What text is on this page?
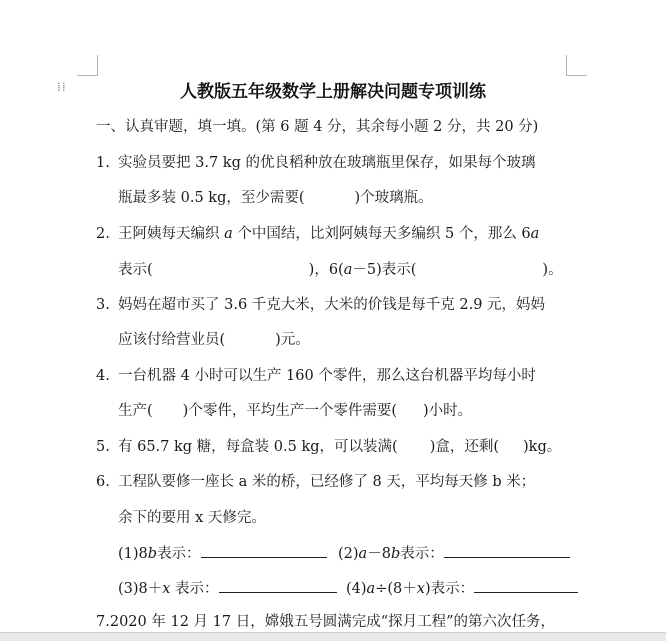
⁞⁞	人教版五年级数学上册解决问题专项训练
一、认真审题，填一填。(第 6 题 4 分，其余每小题 2 分，共 20 分)
1. 实验员要把 3.7 kg 的优良稻种放在玻璃瓶里保存，如果每个玻璃
瓶最多装 0.5 kg，至少需要(	)个玻璃瓶。
2. 王阿姨每天编织 a 个中国结，比刘阿姨每天多编织 5 个，那么 6a
表示(	)，6(a－5)表示(	)。
3. 妈妈在超市买了 3.6 千克大米，大米的价钱是每千克 2.9 元，妈妈
应该付给营业员(	)元。
4. 一台机器 4 小时可以生产 160 个零件，那么这台机器平均每小时
生产( )个零件，平均生产一个零件需要( )小时。
5. 有 65.7 kg 糖，每盒装 0.5 kg，可以装满( )盒，还剩( )kg。
6. 工程队要修一座长 a 米的桥，已经修了 8 天，平均每天修 b 米；
余下的要用 x 天修完。
(1)8b表示：	(2)a－8b表示：
(3)8＋x 表示：	(4)a÷(8＋x)表示：
7.2020 年 12 月 17 日，嫦娥五号圆满完成“探月工程”的第六次任务，
